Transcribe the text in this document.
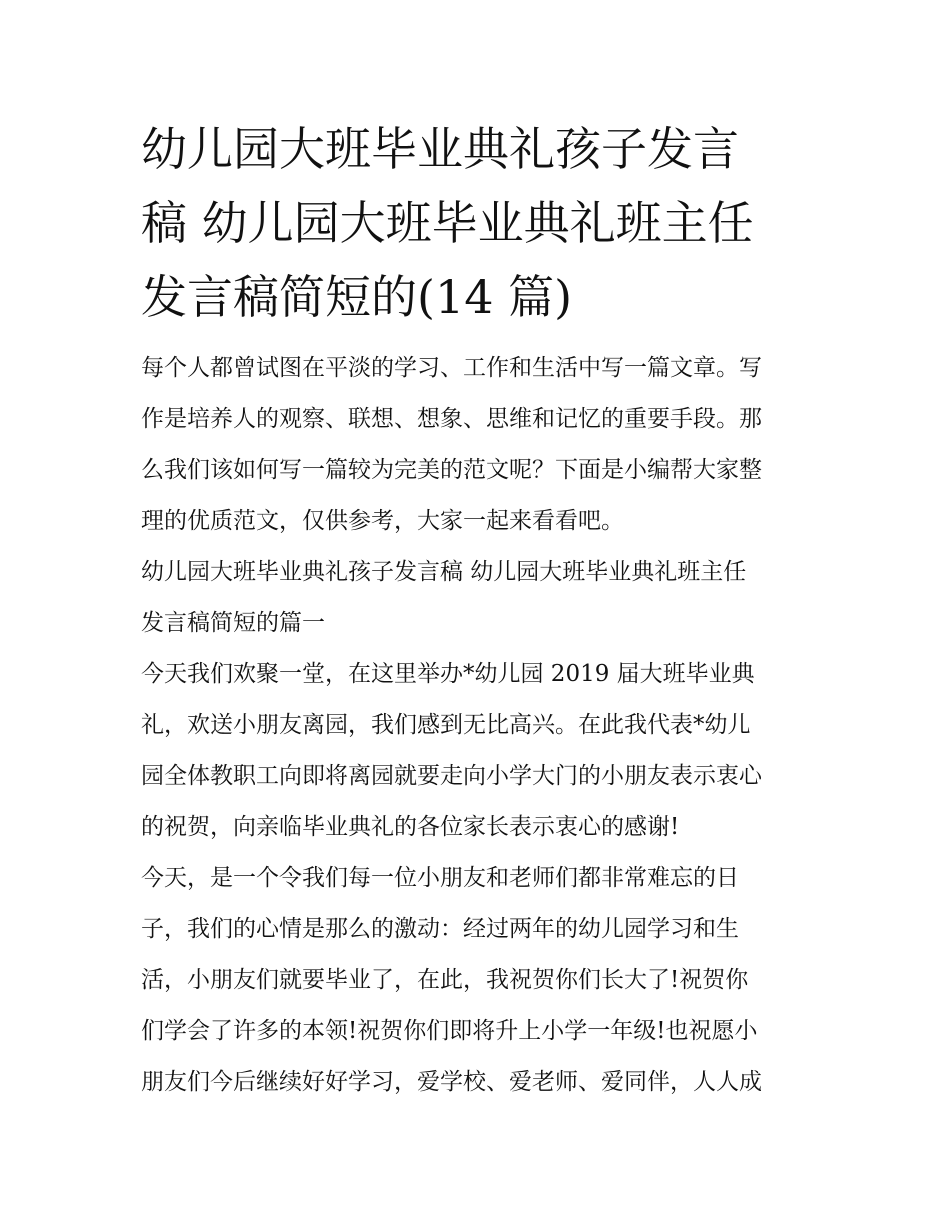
幼儿园大班毕业典礼孩子发言
稿 幼儿园大班毕业典礼班主任
发言稿简短的(14 篇)
每个人都曾试图在平淡的学习、工作和生活中写一篇文章。写
作是培养人的观察、联想、想象、思维和记忆的重要手段。那
么我们该如何写一篇较为完美的范文呢？下面是小编帮大家整
理的优质范文，仅供参考，大家一起来看看吧。
幼儿园大班毕业典礼孩子发言稿 幼儿园大班毕业典礼班主任
发言稿简短的篇一
今天我们欢聚一堂，在这里举办*幼儿园 2019 届大班毕业典
礼，欢送小朋友离园，我们感到无比高兴。在此我代表*幼儿
园全体教职工向即将离园就要走向小学大门的小朋友表示衷心
的祝贺，向亲临毕业典礼的各位家长表示衷心的感谢!
今天，是一个令我们每一位小朋友和老师们都非常难忘的日
子，我们的心情是那么的激动：经过两年的幼儿园学习和生
活，小朋友们就要毕业了，在此，我祝贺你们长大了!祝贺你
们学会了许多的本领!祝贺你们即将升上小学一年级!也祝愿小
朋友们今后继续好好学习，爱学校、爱老师、爱同伴，人人成
